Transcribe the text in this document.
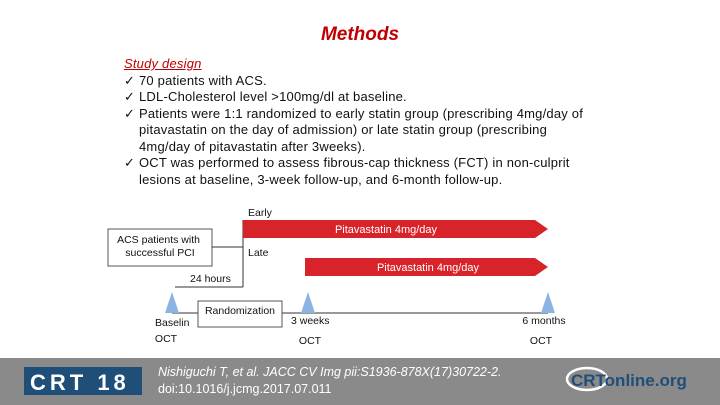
Methods
Study design
✓ 70 patients with ACS.
✓ LDL-Cholesterol level >100mg/dl at baseline.
✓ Patients were 1:1 randomized to early statin group (prescribing 4mg/day of pitavastatin on the day of admission) or late statin group (prescribing 4mg/day of pitavastatin after 3weeks).
✓ OCT was performed to assess fibrous-cap thickness (FCT) in non-culprit lesions at baseline, 3-week follow-up, and 6-month follow-up.
ACS patients with successful PCI
Early
Late
Pitavastatin 4mg/day
Pitavastatin 4mg/day
24 hours
Randomization
Baselin
OCT
3 weeks
OCT
6 months
OCT
CRT 18 Nishiguchi T, et al. JACC CV Img pii:S1936-878X(17)30722-2.
doi:10.1016/j.jcmg.2017.07.011	CRTonline.org
